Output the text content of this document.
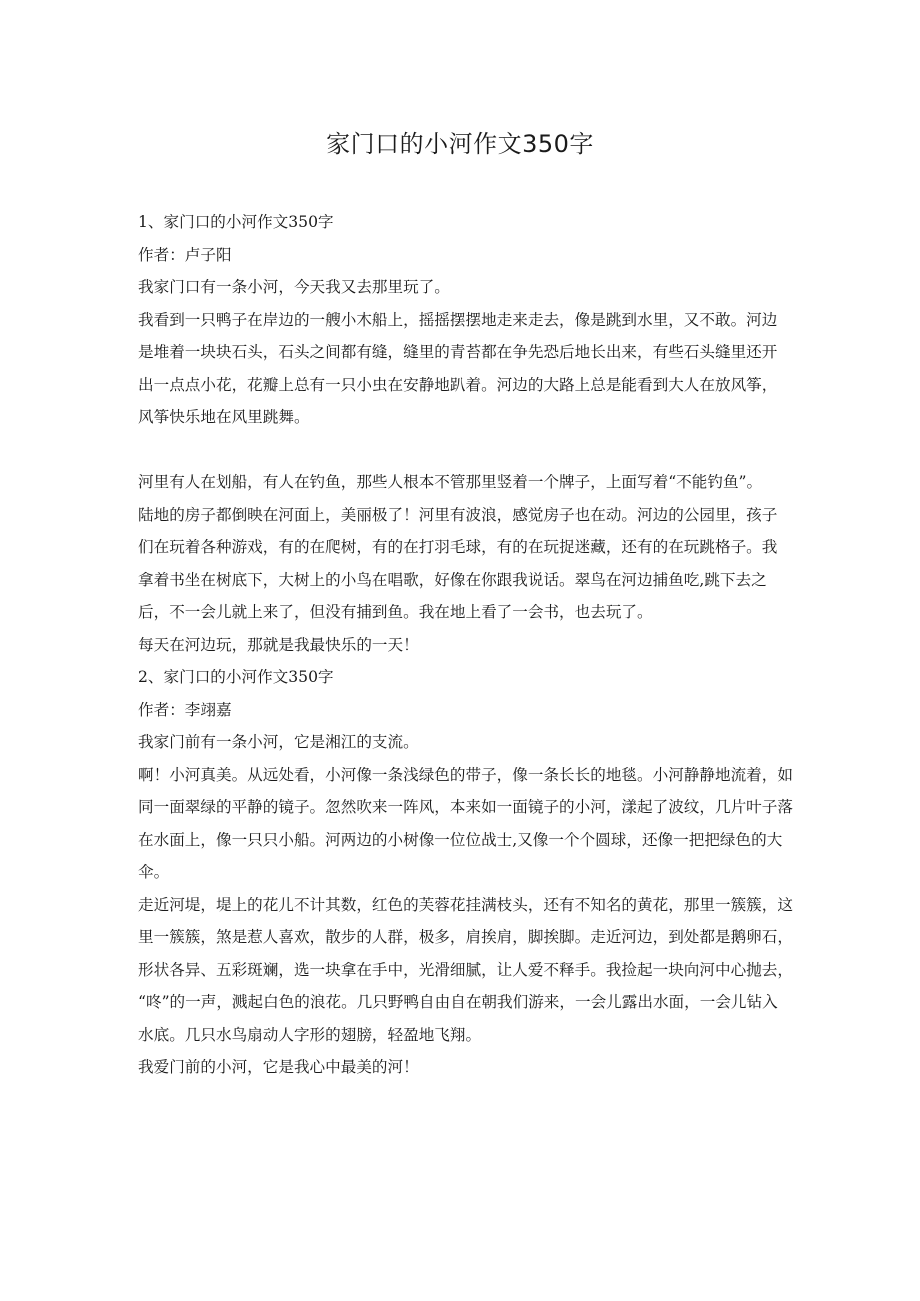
家门口的小河作文350字
1、家门口的小河作文350字
作者：卢子阳
我家门口有一条小河，今天我又去那里玩了。
我看到一只鸭子在岸边的一艘小木船上，摇摇摆摆地走来走去，像是跳到水里，又不敢。河边
是堆着一块块石头，石头之间都有缝，缝里的青苔都在争先恐后地长出来，有些石头缝里还开
出一点点小花，花瓣上总有一只小虫在安静地趴着。河边的大路上总是能看到大人在放风筝，
风筝快乐地在风里跳舞。
河里有人在划船，有人在钓鱼，那些人根本不管那里竖着一个牌子，上面写着“不能钓鱼”。
陆地的房子都倒映在河面上，美丽极了！河里有波浪，感觉房子也在动。河边的公园里，孩子
们在玩着各种游戏，有的在爬树，有的在打羽毛球，有的在玩捉迷藏，还有的在玩跳格子。我
拿着书坐在树底下，大树上的小鸟在唱歌，好像在你跟我说话。翠鸟在河边捕鱼吃,跳下去之
后，不一会儿就上来了，但没有捕到鱼。我在地上看了一会书，也去玩了。
每天在河边玩，那就是我最快乐的一天！
2、家门口的小河作文350字
作者：李翊嘉
我家门前有一条小河，它是湘江的支流。
啊！小河真美。从远处看，小河像一条浅绿色的带子，像一条长长的地毯。小河静静地流着，如
同一面翠绿的平静的镜子。忽然吹来一阵风，本来如一面镜子的小河，漾起了波纹，几片叶子落
在水面上，像一只只小船。河两边的小树像一位位战士,又像一个个圆球，还像一把把绿色的大
伞。
走近河堤，堤上的花儿不计其数，红色的芙蓉花挂满枝头，还有不知名的黄花，那里一簇簇，这
里一簇簇，煞是惹人喜欢，散步的人群，极多，肩挨肩，脚挨脚。走近河边，到处都是鹅卵石，
形状各异、五彩斑斓，选一块拿在手中，光滑细腻，让人爱不释手。我捡起一块向河中心抛去，
“咚”的一声，溅起白色的浪花。几只野鸭自由自在朝我们游来，一会儿露出水面，一会儿钻入
水底。几只水鸟扇动人字形的翅膀，轻盈地飞翔。
我爱门前的小河，它是我心中最美的河！
